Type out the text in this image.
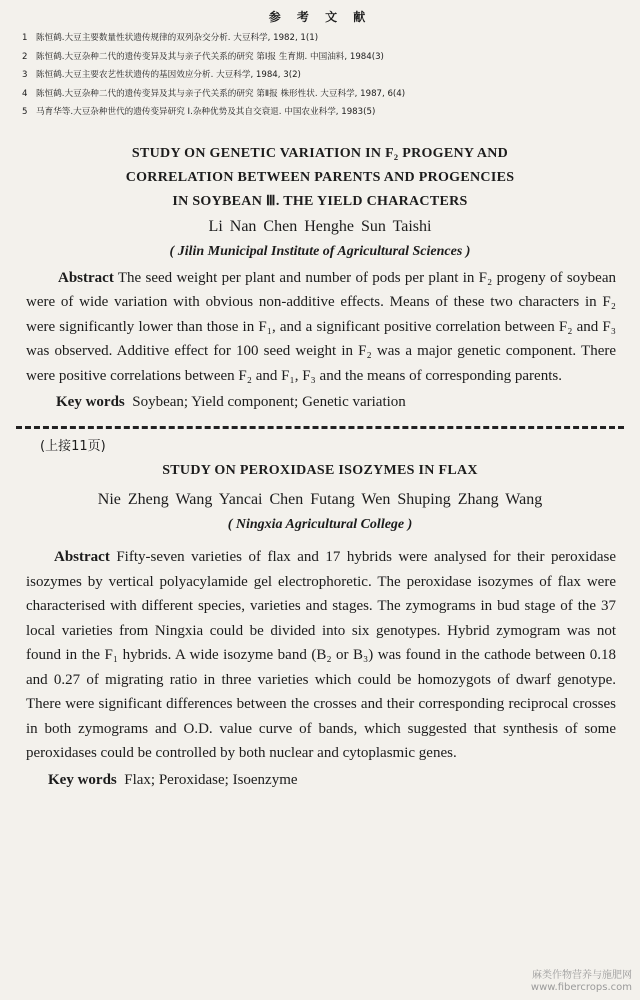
参 考 文 献
1 陈恒鹤.大豆主要数量性状遗传规律的双列杂交分析. 大豆科学, 1982, 1(1)
2 陈恒鹤.大豆杂种二代的遗传变异及其与亲子代关系的研究 第Ⅰ报 生育期. 中国油料, 1984(3)
3 陈恒鹤.大豆主要农艺性状遗传的基因效应分析. 大豆科学, 1984, 3(2)
4 陈恒鹤.大豆杂种二代的遗传变异及其与亲子代关系的研究 第Ⅱ报 株形性状. 大豆科学, 1987, 6(4)
5 马育华等.大豆杂种世代的遗传变异研究 Ⅰ.杂种优势及其自交衰退. 中国农业科学, 1983(5)

STUDY ON GENETIC VARIATION IN F₂ PROGENY AND

CORRELATION BETWEEN PARENTS AND PROGENCIES

IN SOYBEAN Ⅲ. THE YIELD CHARACTERS

Li Nan Chen Henghe Sun Taishi

( Jilin Municipal Institute of Agricultural Sciences )

Abstract The seed weight per plant and number of pods per plant in F₂ progeny of soybean were of wide variation with obvious non-additive effects. Means of these two characters in F₂ were significantly lower than those in F₁, and a significant positive correlation between F₂ and F₃ was observed. Additive effect for 100 seed weight in F₂ was a major genetic component. There were positive correlations between F₂ and F₁, F₃ and the means of corresponding parents.

Key words Soybean; Yield component; Genetic variation

(上接11页)

STUDY ON PEROXIDASE ISOZYMES IN FLAX

Nie Zheng Wang Yancai Chen Futang Wen Shuping Zhang Wang

( Ningxia Agricultural College )

Abstract Fifty-seven varieties of flax and 17 hybrids were analysed for their peroxidase isozymes by vertical polyacylamide gel electrophoretic. The peroxidase isozymes of flax were characterised with different species, varieties and stages. The zymograms in bud stage of the 37 local varieties from Ningxia could be divided into six genotypes. Hybrid zymogram was not found in the F₁ hybrids. A wide isozyme band (B₂ or B₃) was found in the cathode between 0.18 and 0.27 of migrating ratio in three varieties which could be homozygots of dwarf genotype. There were significant differences between the crosses and their corresponding reciprocal crosses in both zymograms and O.D. value curve of bands, which suggested that synthesis of some peroxidases could be controlled by both nuclear and cytoplasmic genes.

Key words Flax; Peroxidase; Isoenzyme

麻类作物营养与施肥网
www.fibercrops.com
